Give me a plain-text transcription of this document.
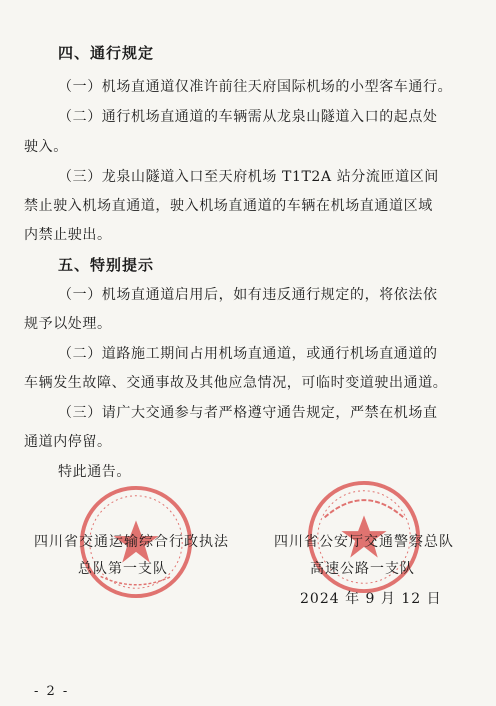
四、通行规定
（一）机场直通道仅准许前往天府国际机场的小型客车通行。
（二）通行机场直通道的车辆需从龙泉山隧道入口的起点处
驶入。
（三）龙泉山隧道入口至天府机场 T1T2A 站分流匝道区间
禁止驶入机场直通道，驶入机场直通道的车辆在机场直通道区域
内禁止驶出。
五、特别提示
（一）机场直通道启用后，如有违反通行规定的，将依法依
规予以处理。
（二）道路施工期间占用机场直通道，或通行机场直通道的
车辆发生故障、交通事故及其他应急情况，可临时变道驶出通道。
（三）请广大交通参与者严格遵守通告规定，严禁在机场直
通道内停留。
特此通告。
四川省交通运输综合行政执法
总队第一支队
四川省公安厅交通警察总队
高速公路一支队
2024 年 9 月 12 日
- 2 -
